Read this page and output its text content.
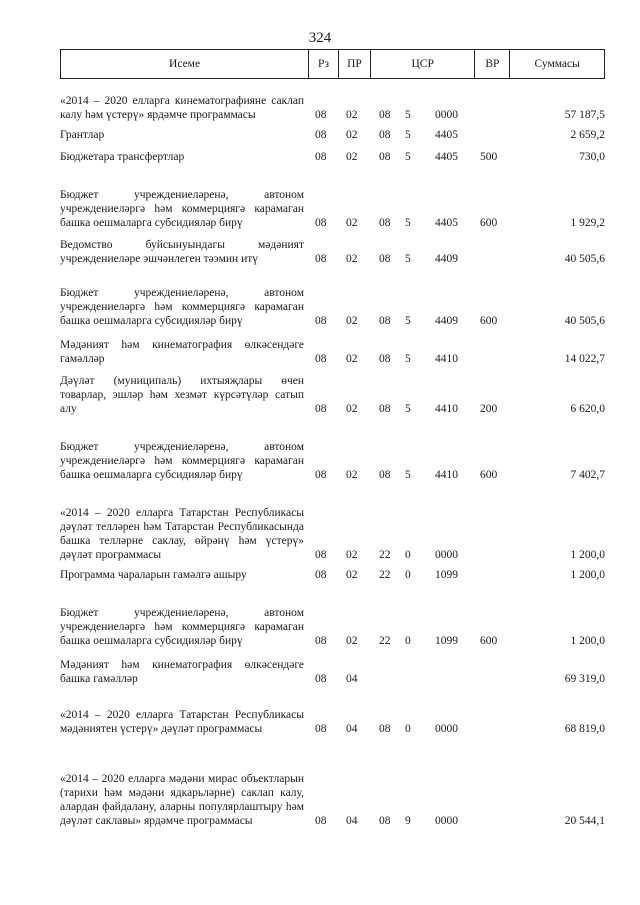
324
Исеме	Рз	ПР	ЦСР	ВР	Суммасы
«2014 – 2020 елларга кинематографияне саклап калу һәм үстерү» ярдәмче программасы	08 02 08 5 0000	57 187,5
Грантлар	08 02 08 5 4405	2 659,2
Бюджетара трансфертлар	08 02 08 5 4405 500	730,0
Бюджет учреждениеләренә, автоном учреждениеләргә һәм коммерциягә карамаган башка оешмаларга субсидияләр бирү	08 02 08 5 4405 600	1 929,2
Ведомство буйсынуындагы мәдәният учреждениеләре эшчәнлеген тәэмин итү	08 02 08 5 4409	40 505,6
Бюджет учреждениеләренә, автоном учреждениеләргә һәм коммерциягә карамаган башка оешмаларга субсидияләр бирү	08 02 08 5 4409 600	40 505,6
Мәдәният һәм кинематография өлкәсендәге гамәлләр	08 02 08 5 4410	14 022,7
Дәүләт (муниципаль) ихтыяҗлары өчен товарлар, эшләр һәм хезмәт күрсәтүләр сатып алу	08 02 08 5 4410 200	6 620,0
Бюджет учреждениеләренә, автоном учреждениеләргә һәм коммерциягә карамаган башка оешмаларга субсидияләр бирү	08 02 08 5 4410 600	7 402,7
«2014 – 2020 елларга Татарстан Республикасы дәүләт телләрен һәм Татарстан Республикасында башка телләрне саклау, өйрәнү һәм үстерү» дәүләт программасы	08 02 22 0 0000	1 200,0
Программа чараларын гамәлгә ашыру	08 02 22 0 1099	1 200,0
Бюджет учреждениеләренә, автоном учреждениеләргә һәм коммерциягә карамаган башка оешмаларга субсидияләр бирү	08 02 22 0 1099 600	1 200,0
Мәдәният һәм кинематография өлкәсендәге башка гамәлләр	08 04	69 319,0
«2014 – 2020 елларга Татарстан Республикасы мәдәниятен үстерү» дәүләт программасы	08 04 08 0 0000	68 819,0
«2014 – 2020 елларга мәдәни мирас объектларын (тарихи һәм мәдәни ядкарьләрне) саклап калу, алардан файдалану, аларны популярлаштыру һәм дәүләт саклавы» ярдәмче программасы	08 04 08 9 0000	20 544,1
